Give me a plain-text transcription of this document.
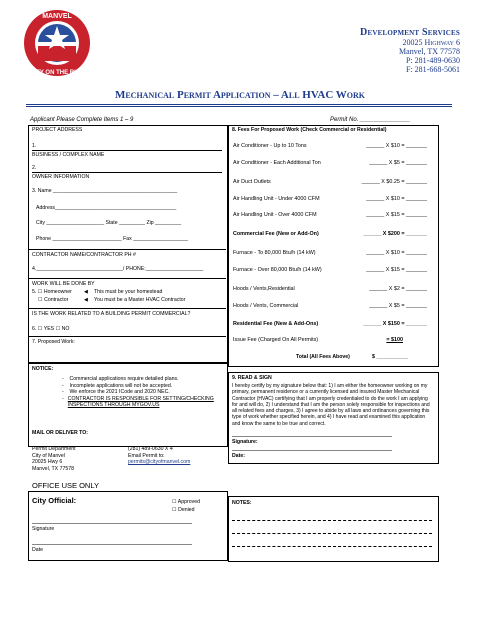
MANVEL
CITY ON THE RISE
Development Services
20025 Highway 6
Manvel, TX 77578
P: 281-489-0630
F: 281-668-5061
Mechanical Permit Application – All HVAC Work
Applicant Please Complete Items 1 – 9	Permit No. _______________
PROJECT ADDRESS
1.
BUSINESS / COMPLEX NAME
2.
OWNER INFORMATION
3. Name ___________________________________________
Address__________________________________________
City ____________________ State _________ Zip _________
Phone ________________________ Fax ___________________
CONTRACTOR NAME/CONTRACTOR PH #
4.______________________________/ PHONE:____________________
WORK WILL BE DONE BY
5. ☐ Homeowner ◀ This must be your homestead
☐ Contractor	◀ You must be a Master HVAC Contractor
IS THE WORK RELATED TO A BUILDING PERMIT COMMERCIAL?
6. ☐ YES ☐ NO
7. Proposed Work:
NOTICE:
-    Commercial applications require detailed plans.
-    Incomplete applications will not be accepted.
-    We enforce the 2021 ICode and 2020 NEC.
-
CONTRACTOR IS RESPONSIBLE FOR SETTING/CHECKING INSPECTIONS THROUGH MYGOV.US
MAIL OR DELIVER TO:
Permit Department
City of Manvel
20025 Hwy 6
Manvel, TX 77578
(281) 489-0630 X 4
Email Permit to:
permits@cityofmanvel.com
OFFICE USE ONLY
City Official:	☐ Approved
☐ Denied
Signature
Date
8. Fees For Proposed Work (Check Commercial or Residential)
Air Conditioner - Up to 10 Tons	______ X $10 = _______
Air Conditioner - Each Additional Ton	______ X $5 = _______
Air Duct Outlets	______ X $0.25 = _______
Air Handling Unit - Under 4000 CFM	______ X $10 = _______
Air Handling Unit - Over 4000 CFM	______ X $15 = _______
Commercial Fee (New or Add-On)	______ X $200 = _______
Furnace - To 80,000 Btu/h (14 kW)	______ X $10 = _______
Furnace - Over 80,000 Btu/h (14 kW)	______ X $15 = _______
Hoods / Vents,Residential	______ X $2 = _______
Hoods / Vents, Commercial	______ X $5 = _______
Residential Fee (New & Add-Ons)	______ X $150 = _______
Issue Fee (Charged On All Permits)	= $100
Total (All Fees Above)	$ ___________
9. READ & SIGN
I hereby certify by my signature below that: 1) I am either the homeowner working on my primary, permanent residence or a currently licensed and insured Master Mechanical Contractor (HVAC) certifying that I am properly credentialed to do the work I am applying for and will do, 2) I understand that I am the person solely responsible for inspections and all related fees and charges, 3) I agree to abide by all laws and ordinances governing this type of work whether specified herein, and 4) I have read and examined this application and know the same to be true and correct.
Signature:
Date:
NOTES:
